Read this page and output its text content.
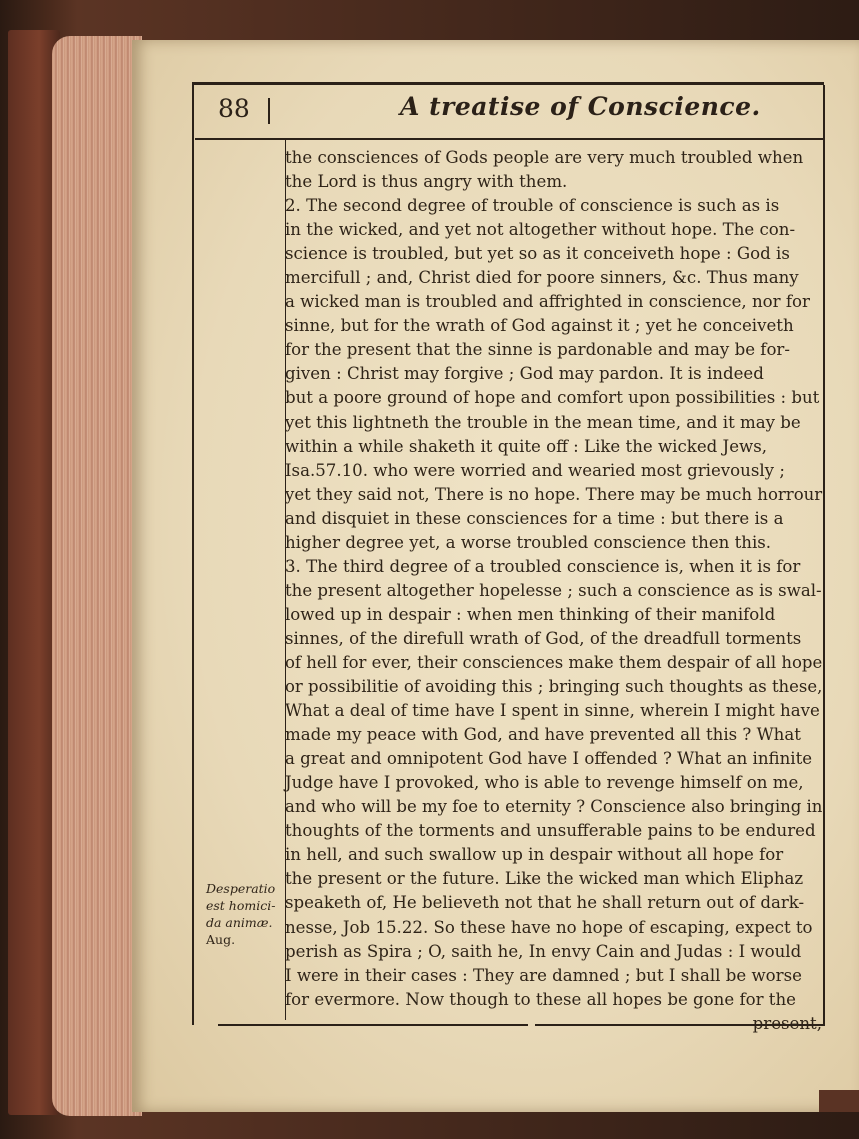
88	A treatise of Conscience.
the consciences of Gods people are very much troubled when
the Lord is thus angry with them.
2. The second degree of trouble of conscience is such as is
in the wicked, and yet not altogether without hope. The con-
science is troubled, but yet so as it conceiveth hope : God is
mercifull ; and, Christ died for poore sinners, &c. Thus many
a wicked man is troubled and affrighted in conscience, nor for
sinne, but for the wrath of God against it ; yet he conceiveth
for the present that the sinne is pardonable and may be for-
given : Christ may forgive ; God may pardon. It is indeed
but a poore ground of hope and comfort upon possibilities : but
yet this lightneth the trouble in the mean time, and it may be
within a while shaketh it quite off : Like the wicked Jews,
Isa.57.10. who were worried and wearied most grievously ;
yet they said not, There is no hope. There may be much horrour
and disquiet in these consciences for a time : but there is a
higher degree yet, a worse troubled conscience then this.
3. The third degree of a troubled conscience is, when it is for
the present altogether hopelesse ; such a conscience as is swal-
lowed up in despair : when men thinking of their manifold
sinnes, of the direfull wrath of God, of the dreadfull torments
of hell for ever, their consciences make them despair of all hope
or possibilitie of avoiding this ; bringing such thoughts as these,
What a deal of time have I spent in sinne, wherein I might have
made my peace with God, and have prevented all this ? What
a great and omnipotent God have I offended ? What an infinite
Judge have I provoked, who is able to revenge himself on me,
and who will be my foe to eternity ? Conscience also bringing in
thoughts of the torments and unsufferable pains to be endured
in hell, and such swallow up in despair without all hope for
the present or the future. Like the wicked man which Eliphaz
speaketh of, He believeth not that he shall return out of dark-
nesse, Job 15.22. So these have no hope of escaping, expect to
perish as Spira ; O, saith he, In envy Cain and Judas : I would
I were in their cases : They are damned ; but I shall be worse
for evermore. Now though to these all hopes be gone for the
Desperatio
est homici-
da animæ.
Aug.
